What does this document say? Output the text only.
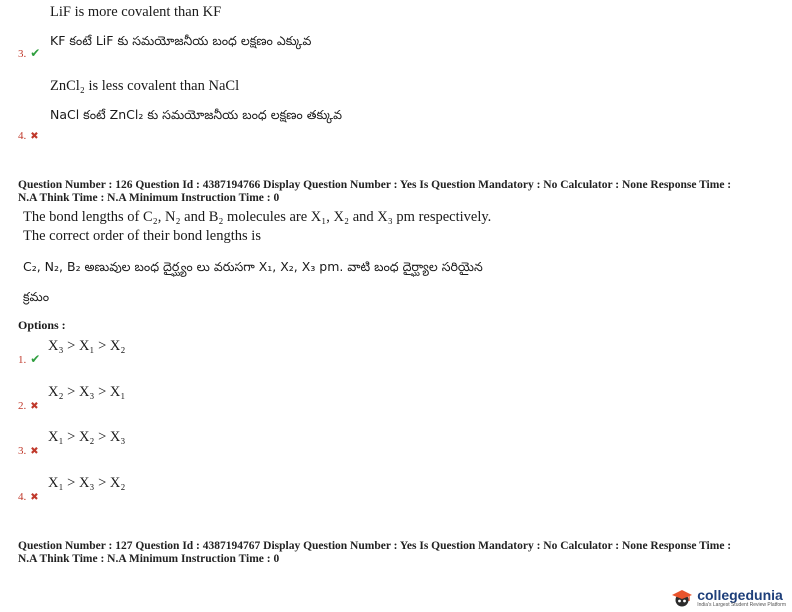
LiF is more covalent than KF
KF కంటే LiF కు సమయోజనీయ బంధ లక్షణం ఎక్కువ
3. ✔
ZnCl₂ is less covalent than NaCl
NaCl కంటే ZnCl₂ కు సమయోజనీయ బంధ లక్షణం తక్కువ
4. ✖
Question Number : 126 Question Id : 4387194766 Display Question Number : Yes Is Question Mandatory : No Calculator : None Response Time :
N.A Think Time : N.A Minimum Instruction Time : 0
The bond lengths of C₂, N₂ and B₂ molecules are X₁, X₂ and X₃ pm respectively.
The correct order of their bond lengths is
C₂, N₂, B₂ అణువుల బంధ దైర్ఘ్యం లు వరుసగా X₁, X₂, X₃ pm. వాటి బంధ దైర్ఘ్యాల సరియైన
క్రమం
Options :
X₃ > X₁ > X₂
1. ✔
X₂ > X₃ > X₁
2. ✖
X₁ > X₂ > X₃
3. ✖
X₁ > X₃ > X₂
4. ✖
Question Number : 127 Question Id : 4387194767 Display Question Number : Yes Is Question Mandatory : No Calculator : None Response Time :
N.A Think Time : N.A Minimum Instruction Time : 0
collegedunia
India's Largest Student Review Platform
